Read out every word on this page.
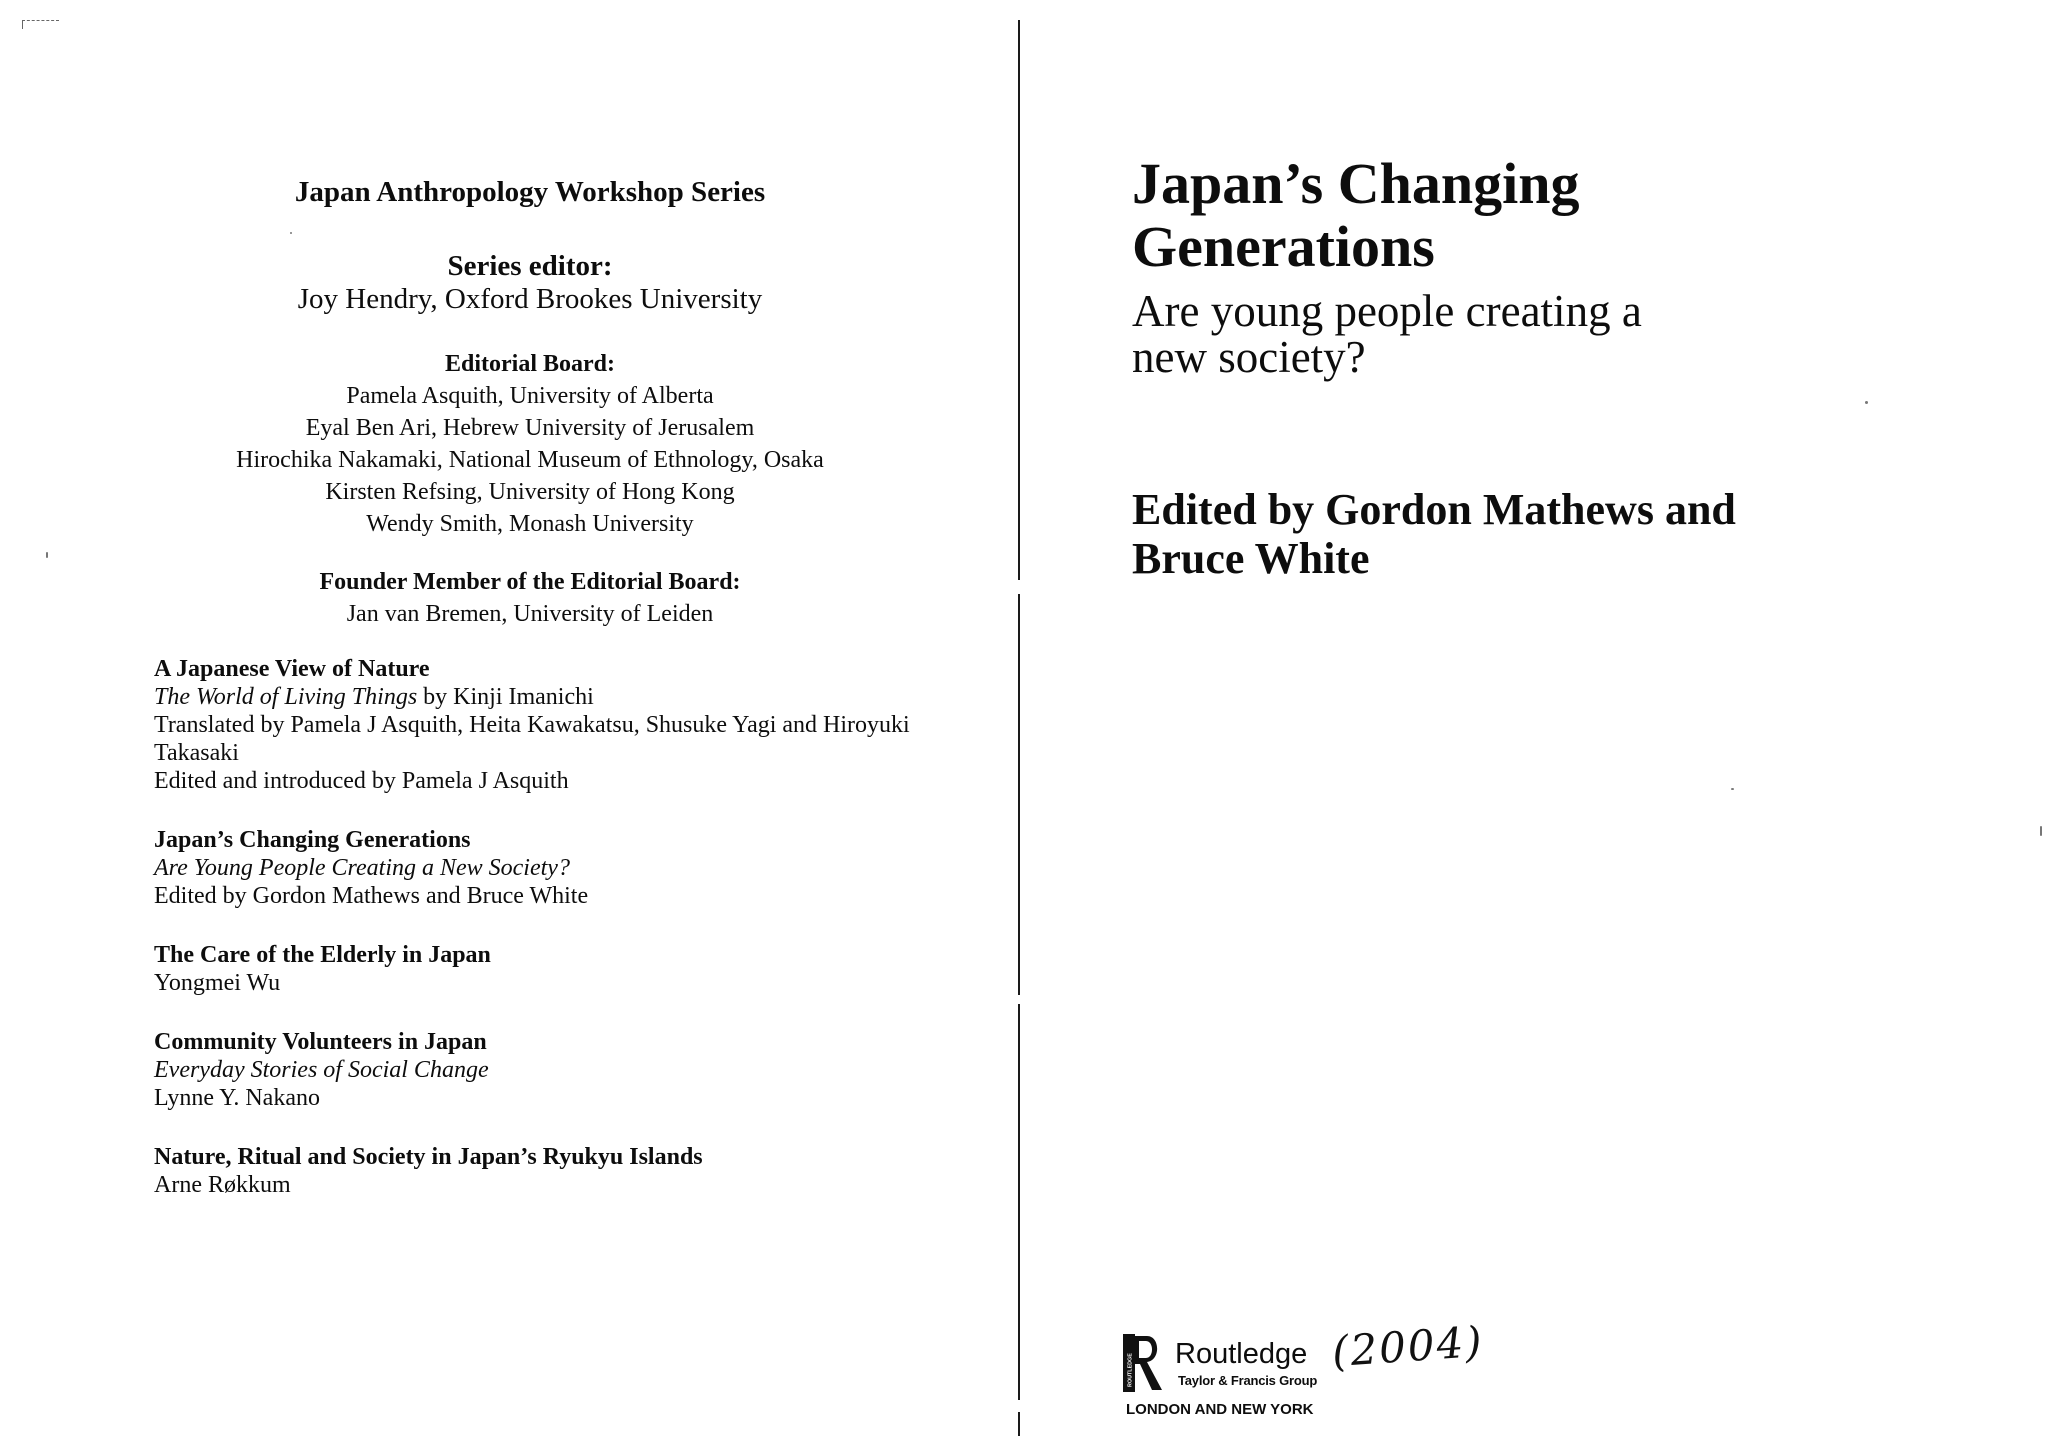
Japan Anthropology Workshop Series
Series editor:
Joy Hendry, Oxford Brookes University
Editorial Board:
Pamela Asquith, University of Alberta
Eyal Ben Ari, Hebrew University of Jerusalem
Hirochika Nakamaki, National Museum of Ethnology, Osaka
Kirsten Refsing, University of Hong Kong
Wendy Smith, Monash University
Founder Member of the Editorial Board:
Jan van Bremen, University of Leiden
A Japanese View of Nature
The World of Living Things by Kinji Imanichi
Translated by Pamela J Asquith, Heita Kawakatsu, Shusuke Yagi and Hiroyuki
Takasaki
Edited and introduced by Pamela J Asquith
Japan’s Changing Generations
Are Young People Creating a New Society?
Edited by Gordon Mathews and Bruce White
The Care of the Elderly in Japan
Yongmei Wu
Community Volunteers in Japan
Everyday Stories of Social Change
Lynne Y. Nakano
Nature, Ritual and Society in Japan’s Ryukyu Islands
Arne Røkkum
Japan’s Changing
Generations
Are young people creating a
new society?
Edited by Gordon Mathews and
Bruce White
ROUTLEDGE Routledge
Taylor & Francis Group
LONDON AND NEW YORK
(2004)
